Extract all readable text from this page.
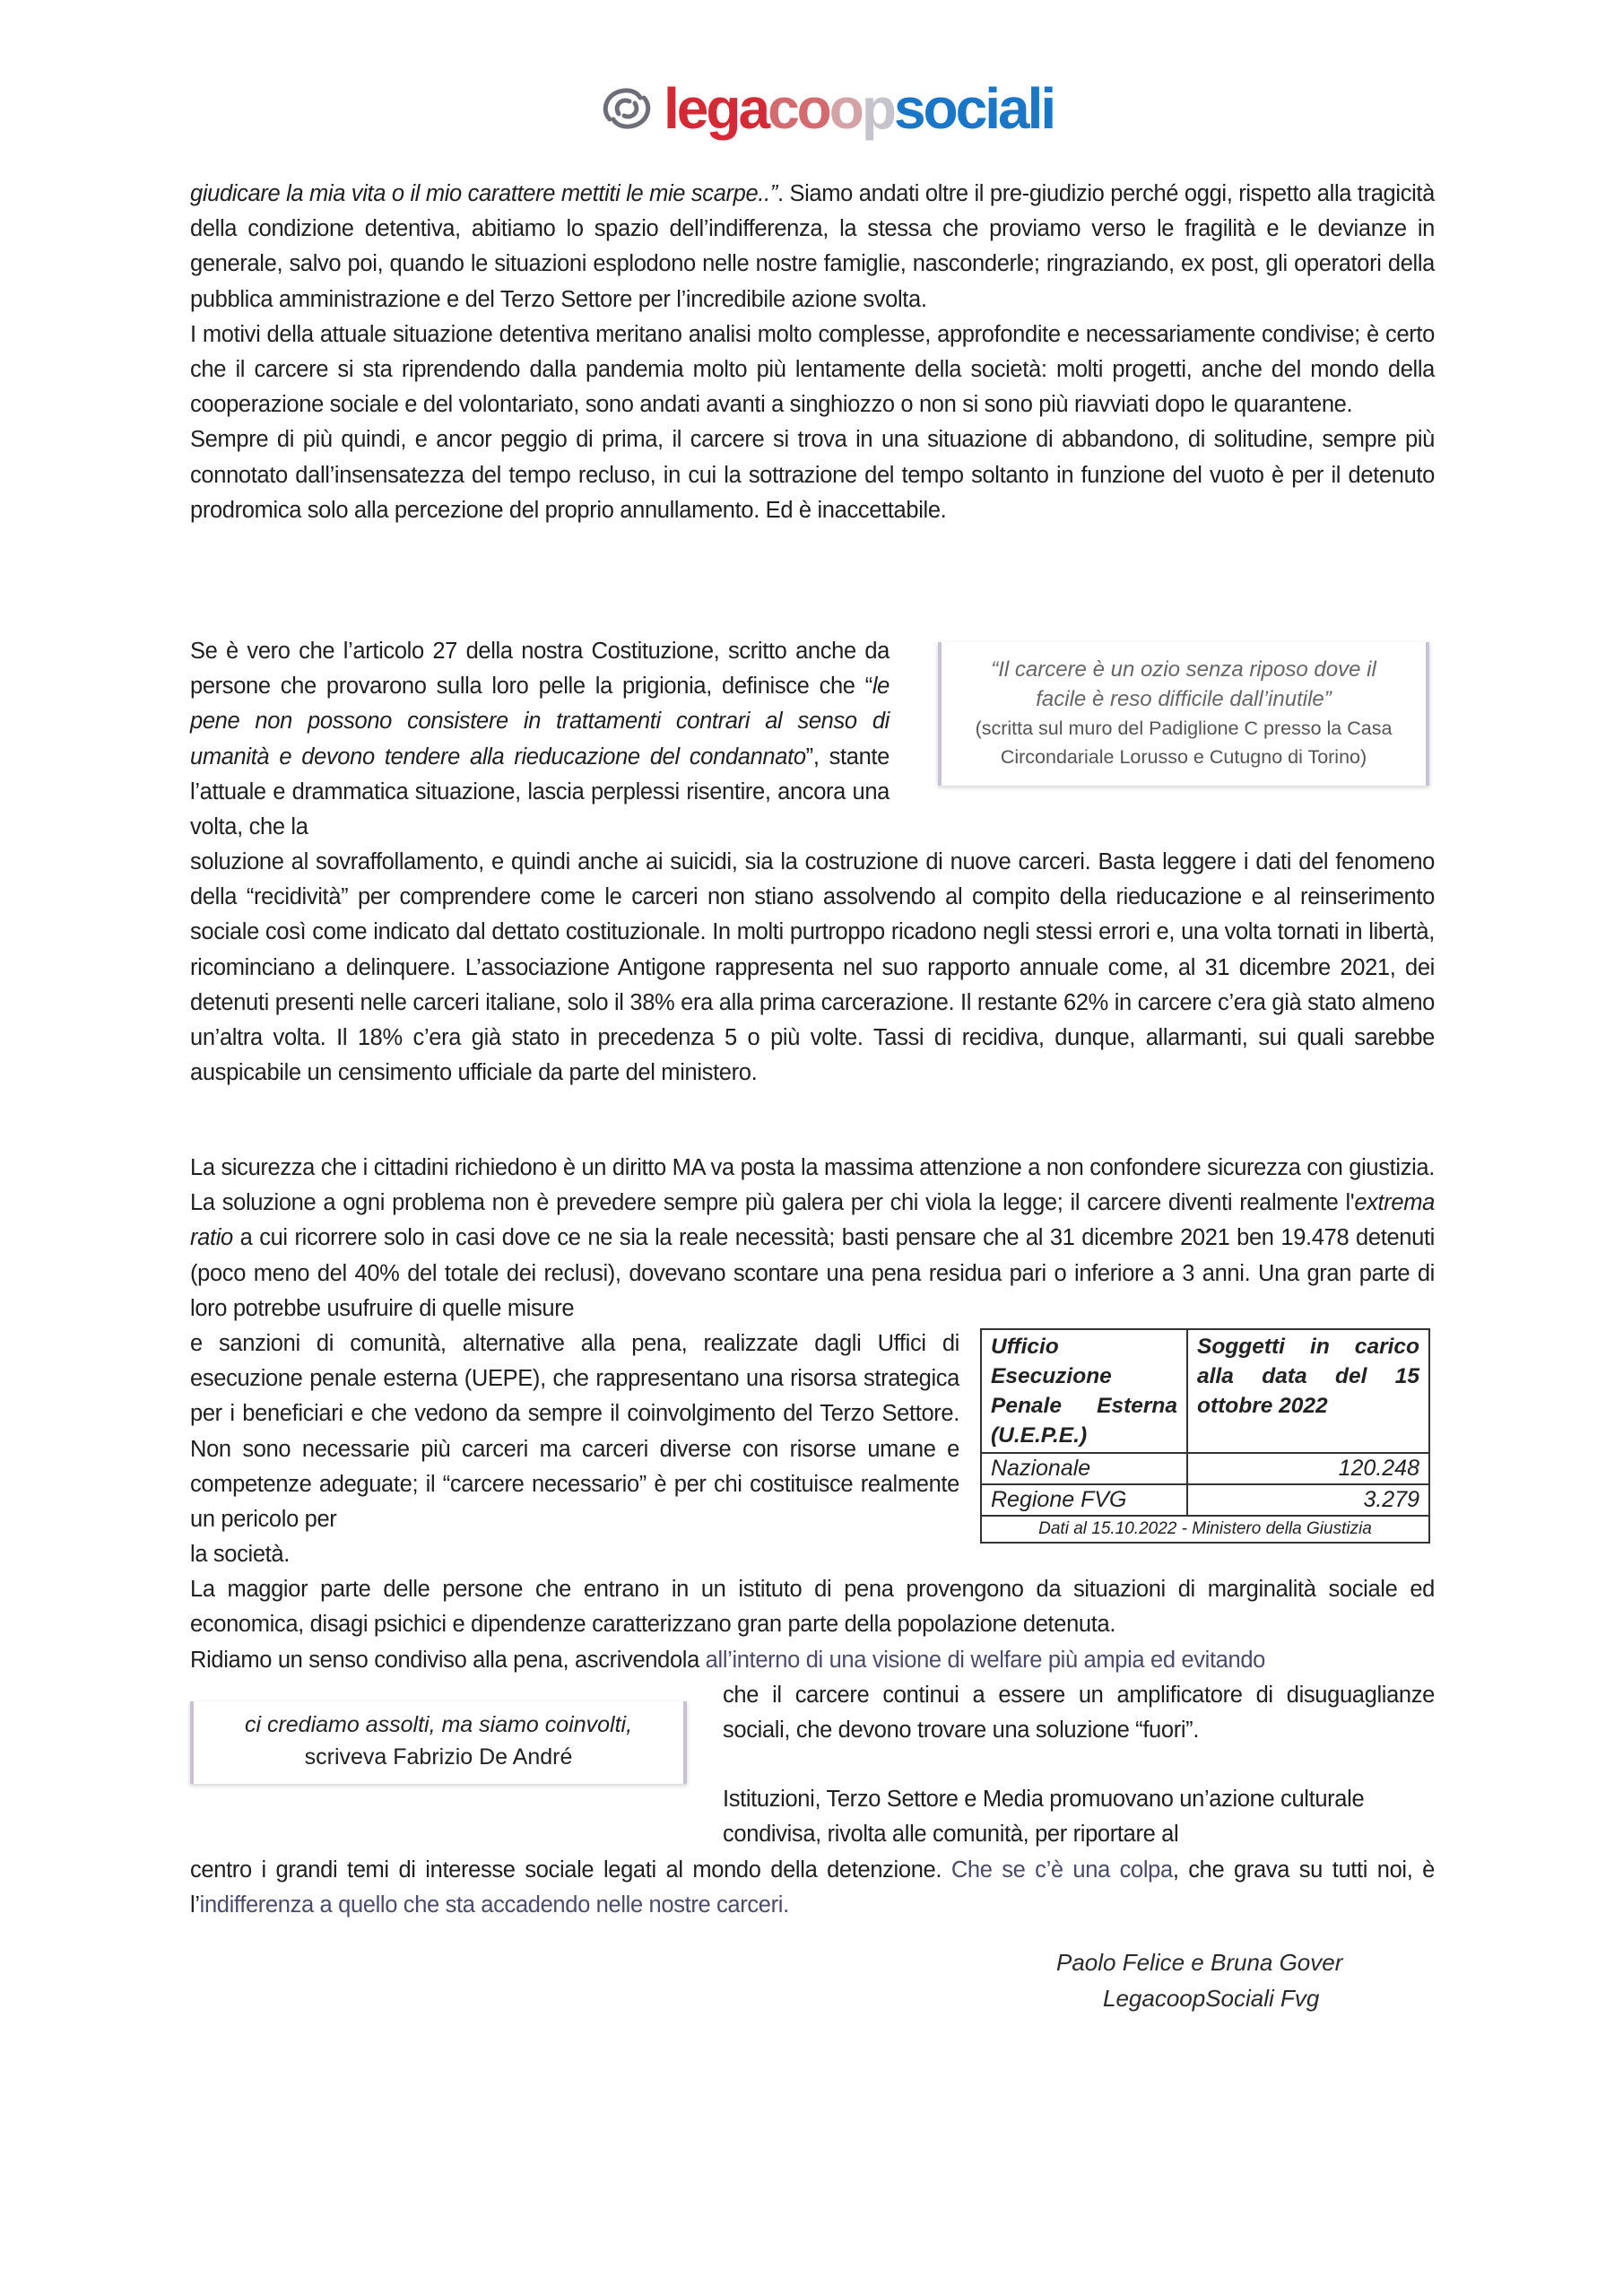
legacoopsociali

giudicare la mia vita o il mio carattere mettiti le mie scarpe..”. Siamo andati oltre il pre-giudizio perché oggi, rispetto alla tragicità della condizione detentiva, abitiamo lo spazio dell’indifferenza, la stessa che proviamo verso le fragilità e le devianze in generale, salvo poi, quando le situazioni esplodono nelle nostre famiglie, nasconderle; ringraziando, ex post, gli operatori della pubblica amministrazione e del Terzo Settore per l’incredibile azione svolta.

I motivi della attuale situazione detentiva meritano analisi molto complesse, approfondite e necessariamente condivise; è certo che il carcere si sta riprendendo dalla pandemia molto più lentamente della società: molti progetti, anche del mondo della cooperazione sociale e del volontariato, sono andati avanti a singhiozzo o non si sono più riavviati dopo le quarantene.

Sempre di più quindi, e ancor peggio di prima, il carcere si trova in una situazione di abbandono, di solitudine, sempre più connotato dall’insensatezza del tempo recluso, in cui la sottrazione del tempo soltanto in funzione del vuoto è per il detenuto prodromica solo alla percezione del proprio annullamento. Ed è inaccettabile.

Se è vero che l’articolo 27 della nostra Costituzione, scritto anche da persone che provarono sulla loro pelle la prigionia, definisce che “le pene non possono consistere in trattamenti contrari al senso di umanità e devono tendere alla rieducazione del condannato”, stante l’attuale e drammatica situazione, lascia perplessi risentire, ancora una volta, che la

“Il carcere è un ozio senza riposo dove il facile è reso difficile dall’inutile”
(scritta sul muro del Padiglione C presso la Casa Circondariale Lorusso e Cutugno di Torino)

soluzione al sovraffollamento, e quindi anche ai suicidi, sia la costruzione di nuove carceri. Basta leggere i dati del fenomeno della “recidività” per comprendere come le carceri non stiano assolvendo al compito della rieducazione e al reinserimento sociale così come indicato dal dettato costituzionale. In molti purtroppo ricadono negli stessi errori e, una volta tornati in libertà, ricominciano a delinquere. L’associazione Antigone rappresenta nel suo rapporto annuale come, al 31 dicembre 2021, dei detenuti presenti nelle carceri italiane, solo il 38% era alla prima carcerazione. Il restante 62% in carcere c’era già stato almeno un’altra volta. Il 18% c’era già stato in precedenza 5 o più volte. Tassi di recidiva, dunque, allarmanti, sui quali sarebbe auspicabile un censimento ufficiale da parte del ministero.

La sicurezza che i cittadini richiedono è un diritto MA va posta la massima attenzione a non confondere sicurezza con giustizia. La soluzione a ogni problema non è prevedere sempre più galera per chi viola la legge; il carcere diventi realmente l'extrema ratio a cui ricorrere solo in casi dove ce ne sia la reale necessità; basti pensare che al 31 dicembre 2021 ben 19.478 detenuti (poco meno del 40% del totale dei reclusi), dovevano scontare una pena residua pari o inferiore a 3 anni. Una gran parte di loro potrebbe usufruire di quelle misure

e sanzioni di comunità, alternative alla pena, realizzate dagli Uffici di esecuzione penale esterna (UEPE), che rappresentano una risorsa strategica per i beneficiari e che vedono da sempre il coinvolgimento del Terzo Settore. Non sono necessarie più carceri ma carceri diverse con risorse umane e competenze adeguate; il “carcere necessario” è per chi costituisce realmente un pericolo per

Ufficio Esecuzione Penale Esterna (U.E.P.E.)	Soggetti in carico alla data del 15 ottobre 2022
Nazionale	120.248
Regione FVG	3.279
Dati al 15.10.2022 - Ministero della Giustizia	

la società.

La maggior parte delle persone che entrano in un istituto di pena provengono da situazioni di marginalità sociale ed economica, disagi psichici e dipendenze caratterizzano gran parte della popolazione detenuta.

Ridiamo un senso condiviso alla pena, ascrivendola all’interno di una visione di welfare più ampia ed evitando

ci crediamo assolti, ma siamo coinvolti,
scriveva Fabrizio De André

che il carcere continui a essere un amplificatore di disuguaglianze sociali, che devono trovare una soluzione “fuori”.

Istituzioni, Terzo Settore e Media promuovano un’azione culturale condivisa, rivolta alle comunità, per riportare al

centro i grandi temi di interesse sociale legati al mondo della detenzione. Che se c’è una colpa, che grava su tutti noi, è l’indifferenza a quello che sta accadendo nelle nostre carceri.

Paolo Felice e Bruna Gover
LegacoopSociali Fvg
